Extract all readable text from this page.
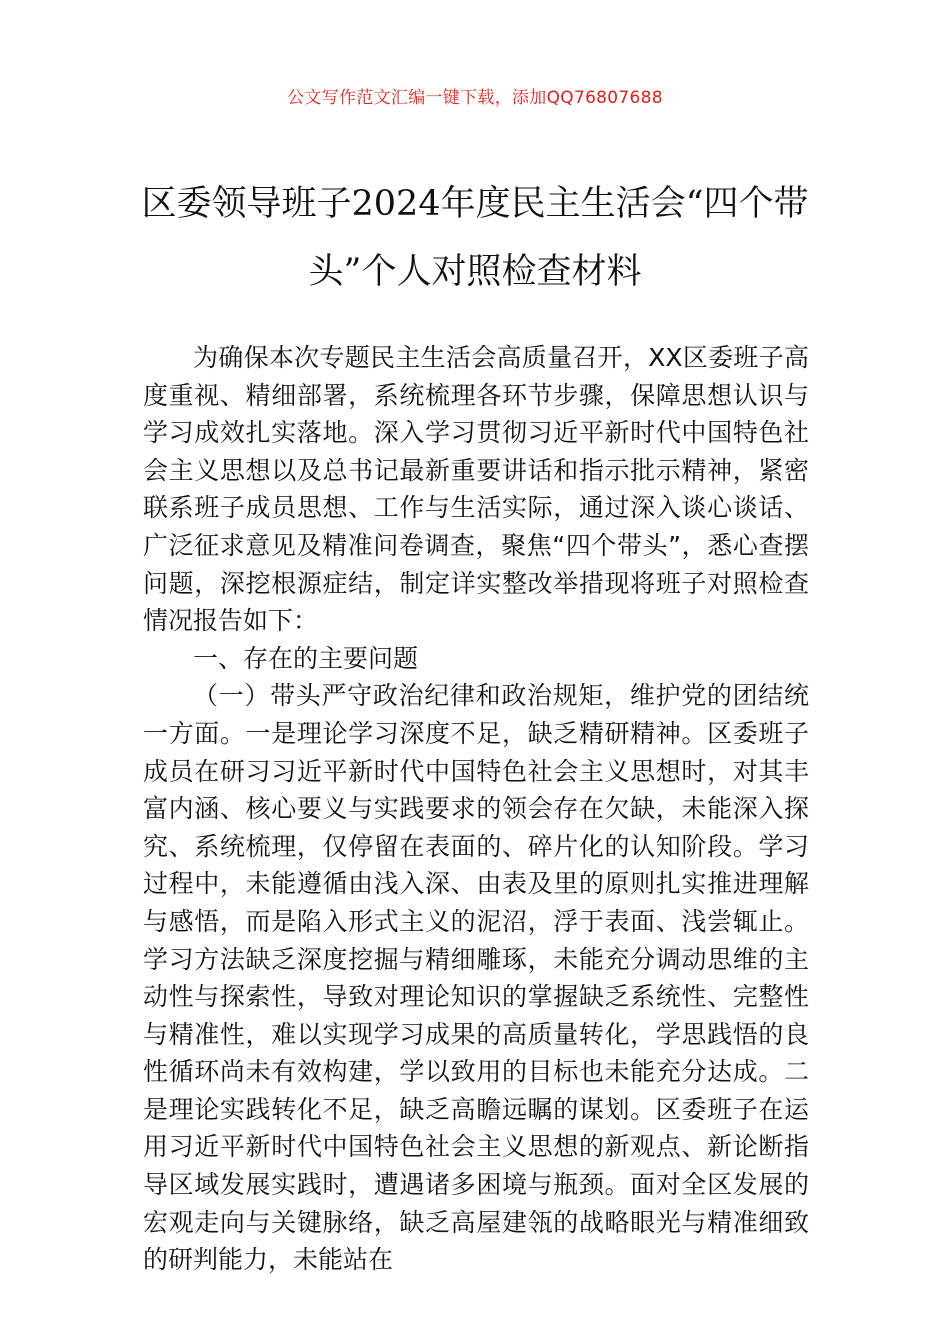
公文写作范文汇编一键下载，添加QQ76807688
区委领导班子2024年度民主生活会“四个带头”个人对照检查材料

为确保本次专题民主生活会高质量召开，XX区委班子高度重视、精细部署，系统梳理各环节步骤，保障思想认识与学习成效扎实落地。深入学习贯彻习近平新时代中国特色社会主义思想以及总书记最新重要讲话和指示批示精神，紧密联系班子成员思想、工作与生活实际，通过深入谈心谈话、广泛征求意见及精准问卷调查，聚焦“四个带头”，悉心查摆问题，深挖根源症结，制定详实整改举措现将班子对照检查情况报告如下：

一、存在的主要问题

（一）带头严守政治纪律和政治规矩，维护党的团结统一方面。一是理论学习深度不足，缺乏精研精神。区委班子成员在研习习近平新时代中国特色社会主义思想时，对其丰富内涵、核心要义与实践要求的领会存在欠缺，未能深入探究、系统梳理，仅停留在表面的、碎片化的认知阶段。学习过程中，未能遵循由浅入深、由表及里的原则扎实推进理解与感悟，而是陷入形式主义的泥沼，浮于表面、浅尝辄止。学习方法缺乏深度挖掘与精细雕琢，未能充分调动思维的主动性与探索性，导致对理论知识的掌握缺乏系统性、完整性与精准性，难以实现学习成果的高质量转化，学思践悟的良性循环尚未有效构建，学以致用的目标也未能充分达成。二是理论实践转化不足，缺乏高瞻远瞩的谋划。区委班子在运用习近平新时代中国特色社会主义思想的新观点、新论断指导区域发展实践时，遭遇诸多困境与瓶颈。面对全区发展的宏观走向与关键脉络，缺乏高屋建瓴的战略眼光与精准细致的研判能力，未能站在
